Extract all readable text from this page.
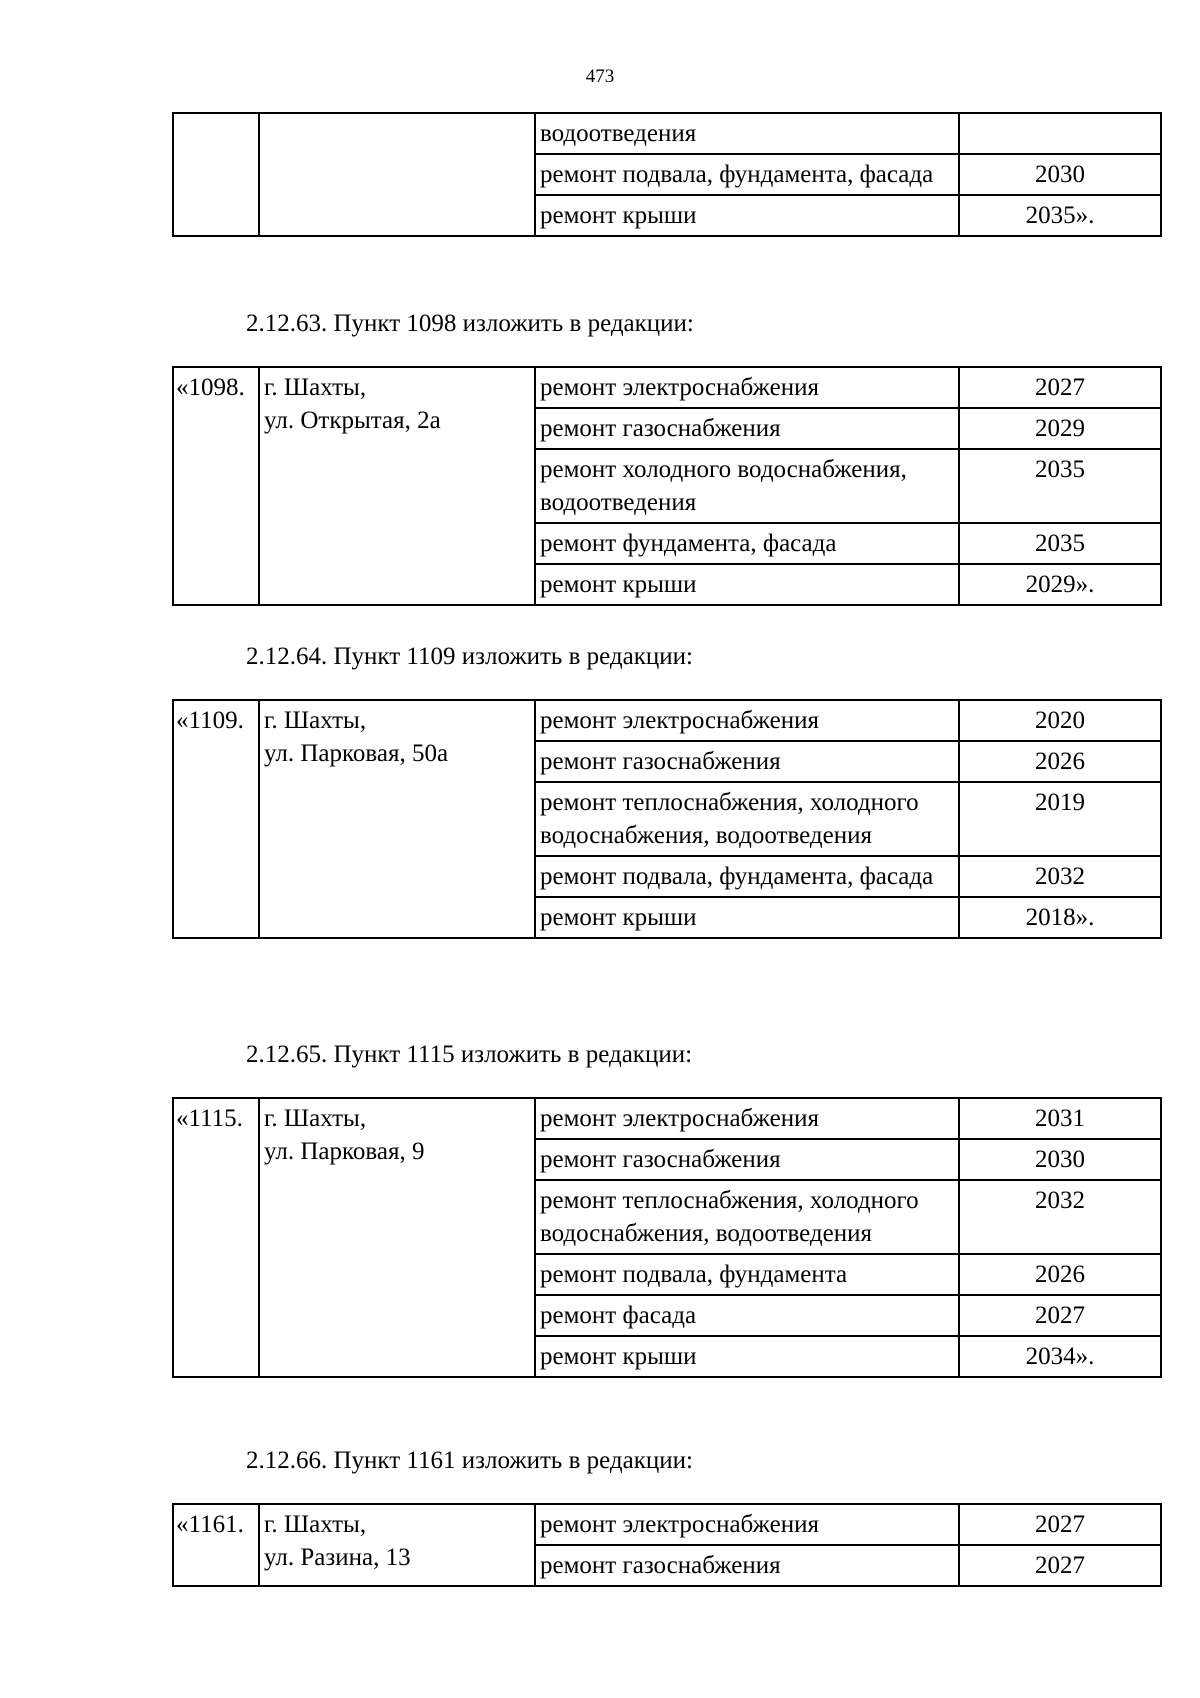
473
		водоотведения	
		ремонт подвала, фундамента, фасада	2030
		ремонт крыши	2035».
2.12.63. Пункт 1098 изложить в редакции:
«1098.	г. Шахты,
ул. Открытая, 2а	ремонт электроснабжения	2027
		ремонт газоснабжения	2029
		ремонт холодного водоснабжения, водоотведения	2035
		ремонт фундамента, фасада	2035
		ремонт крыши	2029».
2.12.64. Пункт 1109 изложить в редакции:
«1109.	г. Шахты,
ул. Парковая, 50а	ремонт электроснабжения	2020
		ремонт газоснабжения	2026
		ремонт теплоснабжения, холодного водоснабжения, водоотведения	2019
		ремонт подвала, фундамента, фасада	2032
		ремонт крыши	2018».
2.12.65. Пункт 1115 изложить в редакции:
«1115.	г. Шахты,
ул. Парковая, 9	ремонт электроснабжения	2031
		ремонт газоснабжения	2030
		ремонт теплоснабжения, холодного водоснабжения, водоотведения	2032
		ремонт подвала, фундамента	2026
		ремонт фасада	2027
		ремонт крыши	2034».
2.12.66. Пункт 1161 изложить в редакции:
«1161.	г. Шахты,
ул. Разина, 13	ремонт электроснабжения	2027
		ремонт газоснабжения	2027
